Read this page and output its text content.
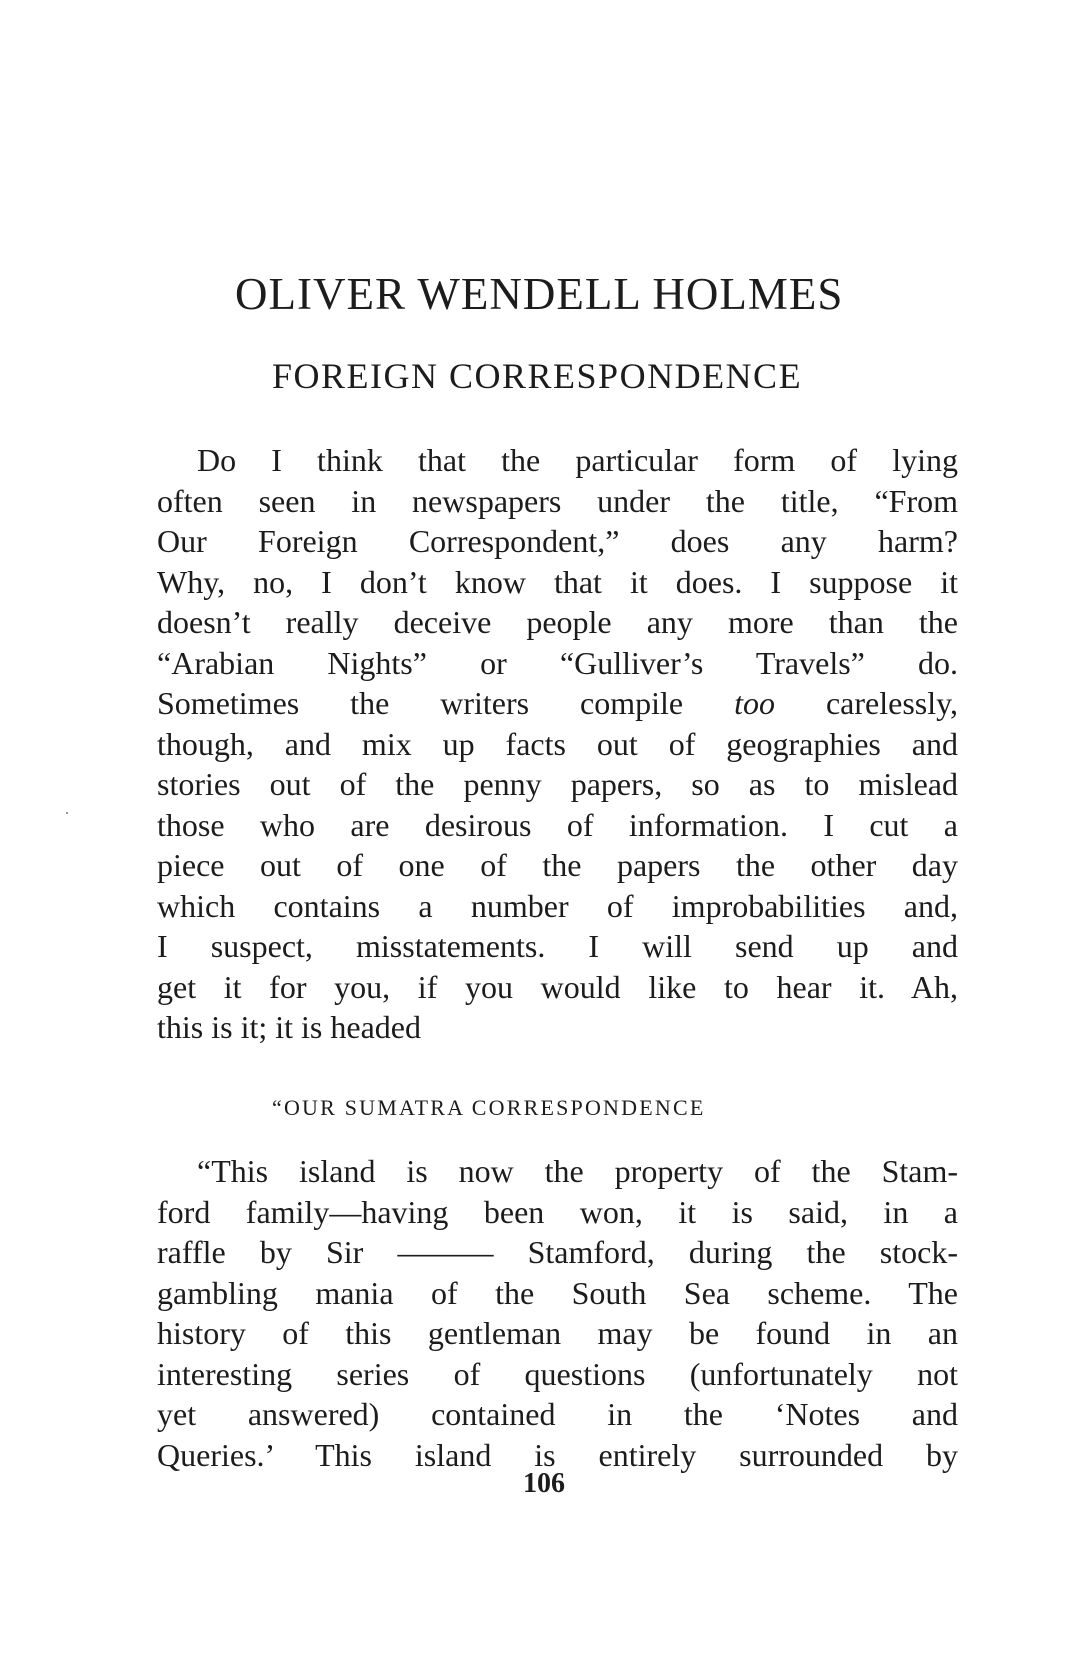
OLIVER WENDELL HOLMES
FOREIGN CORRESPONDENCE
Do I think that the particular form of lying
often seen in newspapers under the title, “From
Our Foreign Correspondent,” does any harm?
Why, no, I don’t know that it does. I suppose it
doesn’t really deceive people any more than the
“Arabian Nights” or “Gulliver’s Travels” do.
Sometimes the writers compile too carelessly,
though, and mix up facts out of geographies and
stories out of the penny papers, so as to mislead
those who are desirous of information. I cut a
piece out of one of the papers the other day
which contains a number of improbabilities and,
I suspect, misstatements. I will send up and
get it for you, if you would like to hear it. Ah,
this is it; it is headed
“OUR SUMATRA CORRESPONDENCE
“This island is now the property of the Stam-
ford family—having been won, it is said, in a
raffle by Sir ——— Stamford, during the stock-
gambling mania of the South Sea scheme. The
history of this gentleman may be found in an
interesting series of questions (unfortunately not
yet answered) contained in the ‘Notes and
Queries.’ This island is entirely surrounded by
106
